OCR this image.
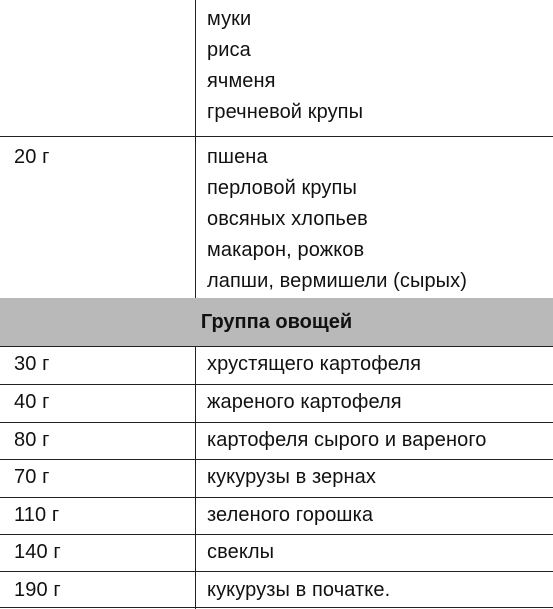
муки
риса
ячменя
гречневой крупы
20 г	пшена
перловой крупы
овсяных хлопьев
макарон, рожков
лапши, вермишели (сырых)
Группа овощей
30 г	хрустящего картофеля
40 г	жареного картофеля
80 г	картофеля сырого и вареного
70 г	кукурузы в зернах
110 г	зеленого горошка
140 г	свеклы
190 г	кукурузы в початке.
